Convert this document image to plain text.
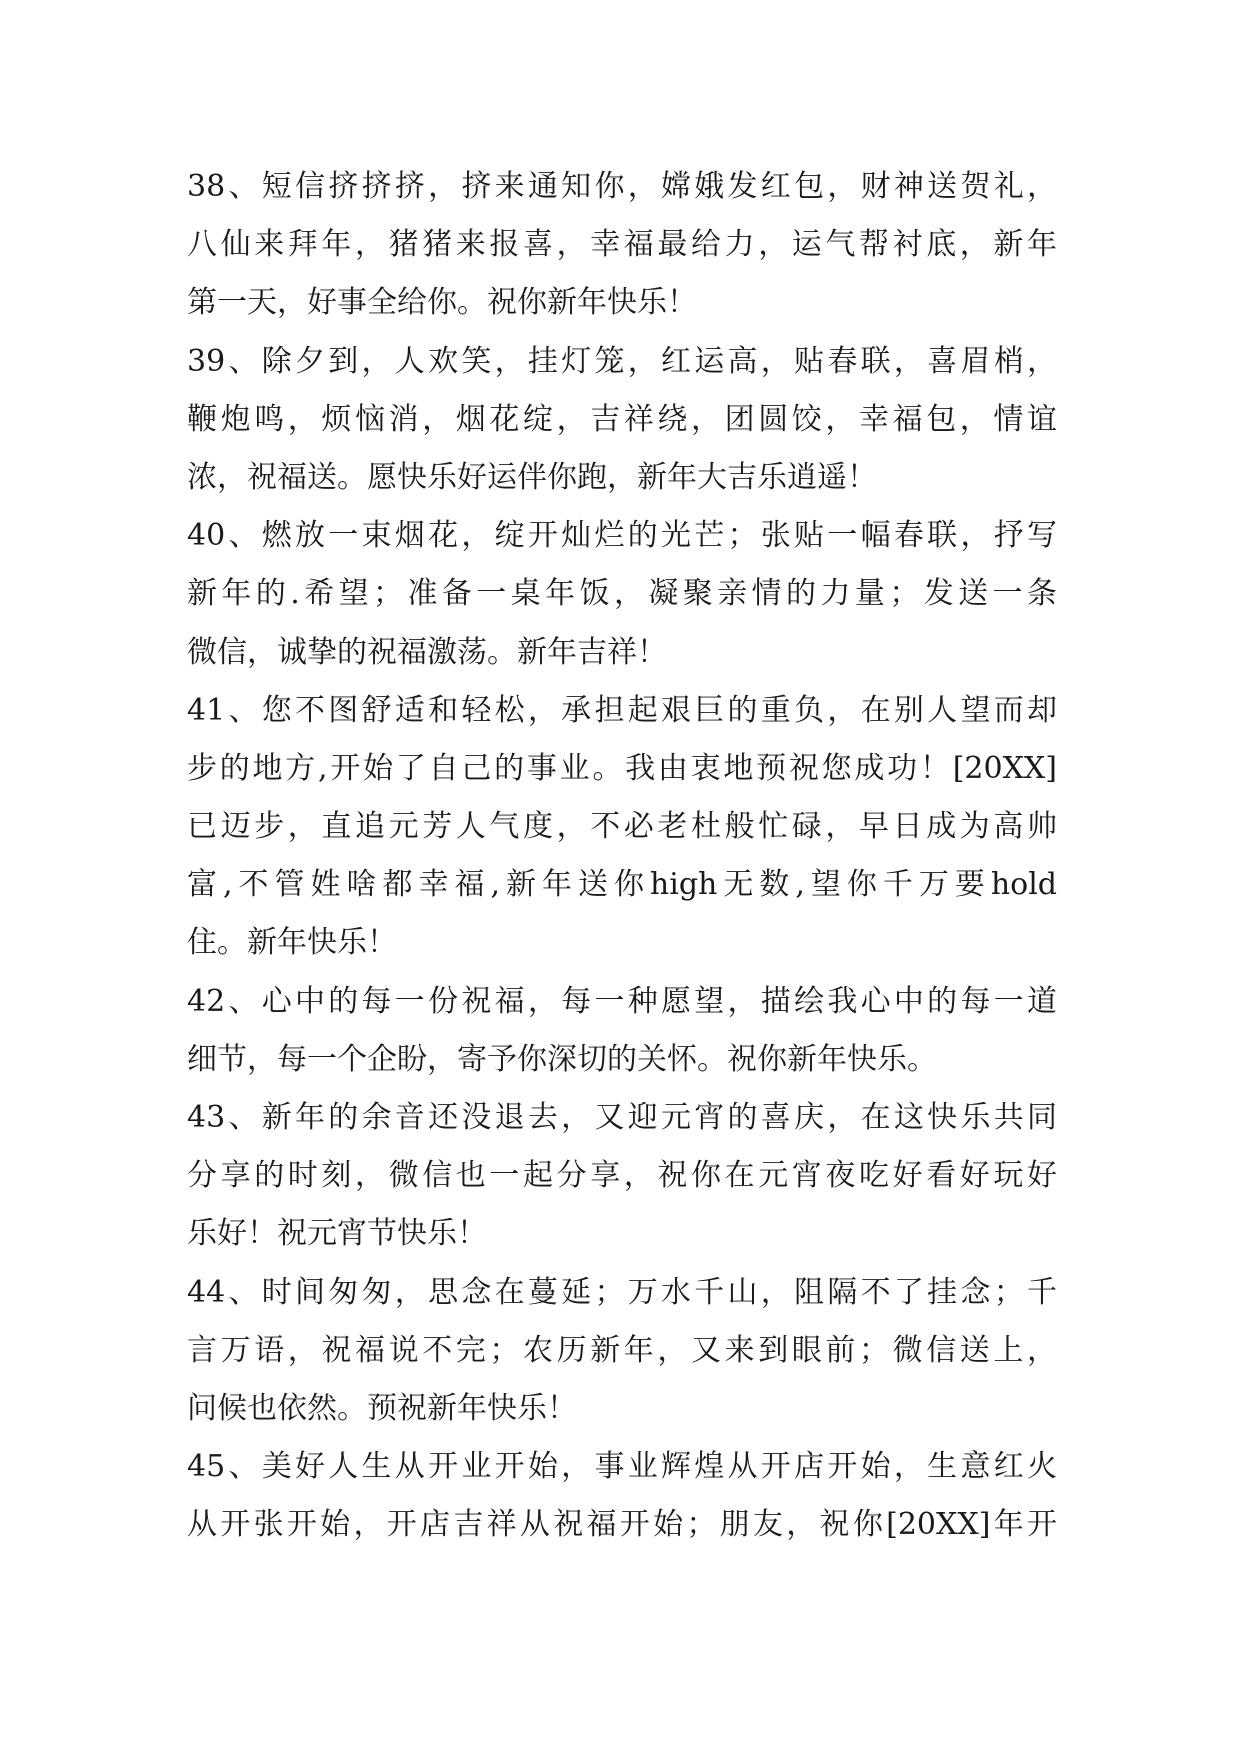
38、短信挤挤挤，挤来通知你，嫦娥发红包，财神送贺礼，
八仙来拜年，猪猪来报喜，幸福最给力，运气帮衬底，新年
第一天，好事全给你。祝你新年快乐！
39、除夕到，人欢笑，挂灯笼，红运高，贴春联，喜眉梢，
鞭炮鸣，烦恼消，烟花绽，吉祥绕，团圆饺，幸福包，情谊
浓，祝福送。愿快乐好运伴你跑，新年大吉乐逍遥！
40、燃放一束烟花，绽开灿烂的光芒；张贴一幅春联，抒写
新年的.希望；准备一桌年饭，凝聚亲情的力量；发送一条
微信，诚挚的祝福激荡。新年吉祥！
41、您不图舒适和轻松，承担起艰巨的重负，在别人望而却
步的地方,开始了自己的事业。我由衷地预祝您成功！[20XX]
已迈步，直追元芳人气度，不必老杜般忙碌，早日成为高帅
富,不管姓啥都幸福,新年送你high无数,望你千万要hold
住。新年快乐！
42、心中的每一份祝福，每一种愿望，描绘我心中的每一道
细节，每一个企盼，寄予你深切的关怀。祝你新年快乐。
43、新年的余音还没退去，又迎元宵的喜庆，在这快乐共同
分享的时刻，微信也一起分享，祝你在元宵夜吃好看好玩好
乐好！祝元宵节快乐！
44、时间匆匆，思念在蔓延；万水千山，阻隔不了挂念；千
言万语，祝福说不完；农历新年，又来到眼前；微信送上，
问候也依然。预祝新年快乐！
45、美好人生从开业开始，事业辉煌从开店开始，生意红火
从开张开始，开店吉祥从祝福开始；朋友，祝你[20XX]年开
